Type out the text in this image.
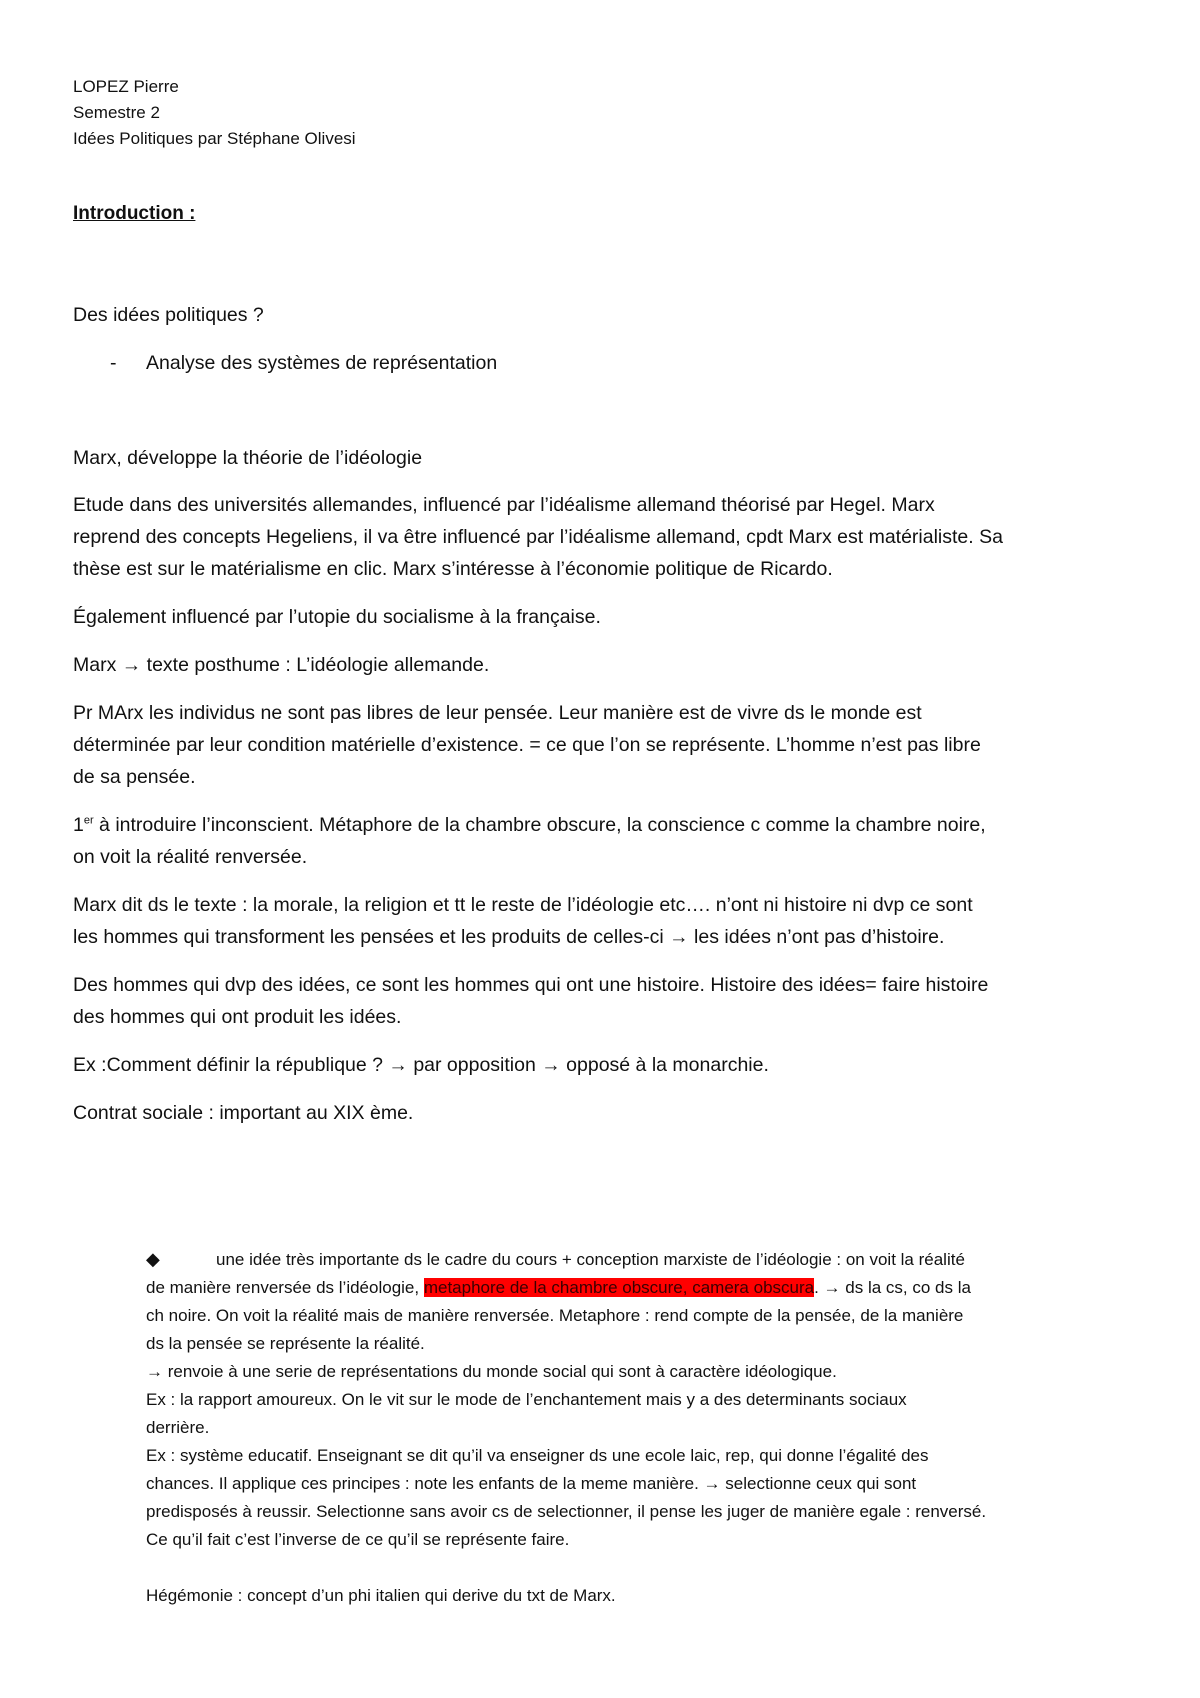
LOPEZ Pierre
Semestre 2
Idées Politiques par Stéphane Olivesi
Introduction :
Des idées politiques ?
- Analyse des systèmes de représentation
Marx, développe la théorie de l’idéologie
Etude dans des universités allemandes, influencé par l’idéalisme allemand théorisé par Hegel. Marx
reprend des concepts Hegeliens, il va être influencé par l’idéalisme allemand, cpdt Marx est matérialiste. Sa
thèse est sur le matérialisme en clic. Marx s’intéresse à l’économie politique de Ricardo.
Également influencé par l’utopie du socialisme à la française.
Marx → texte posthume : L’idéologie allemande.
Pr MArx les individus ne sont pas libres de leur pensée. Leur manière est de vivre ds le monde est
déterminée par leur condition matérielle d’existence. = ce que l’on se représente. L’homme n’est pas libre
de sa pensée.
1er à introduire l’inconscient. Métaphore de la chambre obscure, la conscience c comme la chambre noire,
on voit la réalité renversée.
Marx dit ds le texte : la morale, la religion et tt le reste de l’idéologie etc…. n’ont ni histoire ni dvp ce sont
les hommes qui transforment les pensées et les produits de celles-ci → les idées n’ont pas d’histoire.
Des hommes qui dvp des idées, ce sont les hommes qui ont une histoire. Histoire des idées= faire histoire
des hommes qui ont produit les idées.
Ex :Comment définir la république ? → par opposition → opposé à la monarchie.
Contrat sociale : important au XIX ème.

◆	une idée très importante ds le cadre du cours + conception marxiste de l’idéologie : on voit la réalité

de manière renversée ds l’idéologie, metaphore de la chambre obscure, camera obscura. → ds la cs, co ds la

ch noire. On voit la réalité mais de manière renversée. Metaphore : rend compte de la pensée, de la manière

ds la pensée se représente la réalité.

→ renvoie à une serie de représentations du monde social qui sont à caractère idéologique.

Ex : la rapport amoureux. On le vit sur le mode de l’enchantement mais y a des determinants sociaux

derrière.

Ex : système educatif. Enseignant se dit qu’il va enseigner ds une ecole laic, rep, qui donne l’égalité des

chances. Il applique ces principes : note les enfants de la meme manière. → selectionne ceux qui sont

predisposés à reussir. Selectionne sans avoir cs de selectionner, il pense les juger de manière egale : renversé.

Ce qu’il fait c’est l’inverse de ce qu’il se représente faire.

Hégémonie : concept d’un phi italien qui derive du txt de Marx.
